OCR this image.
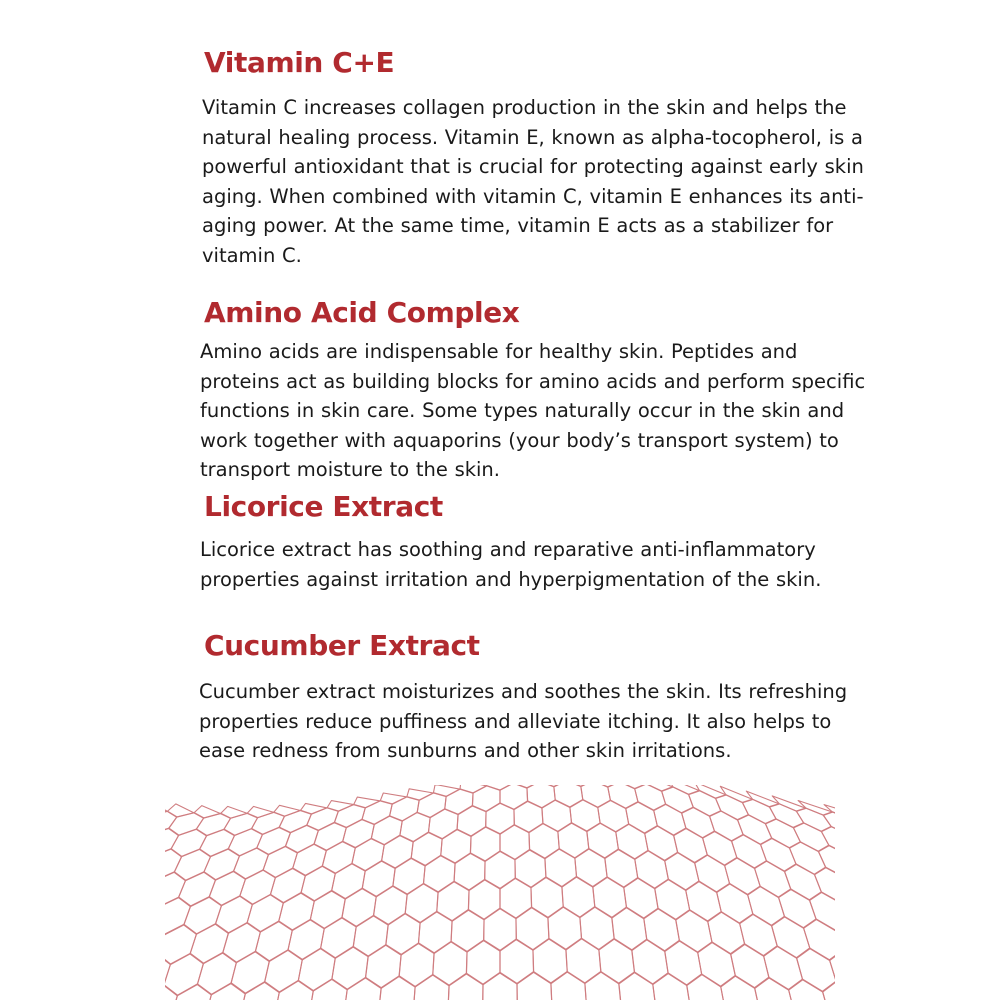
Vitamin C+E

Vitamin C increases collagen production in the skin and helps the
natural healing process. Vitamin E, known as alpha-tocopherol, is a
powerful antioxidant that is crucial for protecting against early skin
aging. When combined with vitamin C, vitamin E enhances its anti-
aging power. At the same time, vitamin E acts as a stabilizer for
vitamin C.

Amino Acid Complex

Amino acids are indispensable for healthy skin. Peptides and
proteins act as building blocks for amino acids and perform specific
functions in skin care. Some types naturally occur in the skin and
work together with aquaporins (your body’s transport system) to
transport moisture to the skin.

Licorice Extract

Licorice extract has soothing and reparative anti-inflammatory
properties against irritation and hyperpigmentation of the skin.

Cucumber Extract

Cucumber extract moisturizes and soothes the skin. Its refreshing
properties reduce puffiness and alleviate itching. It also helps to
ease redness from sunburns and other skin irritations.
